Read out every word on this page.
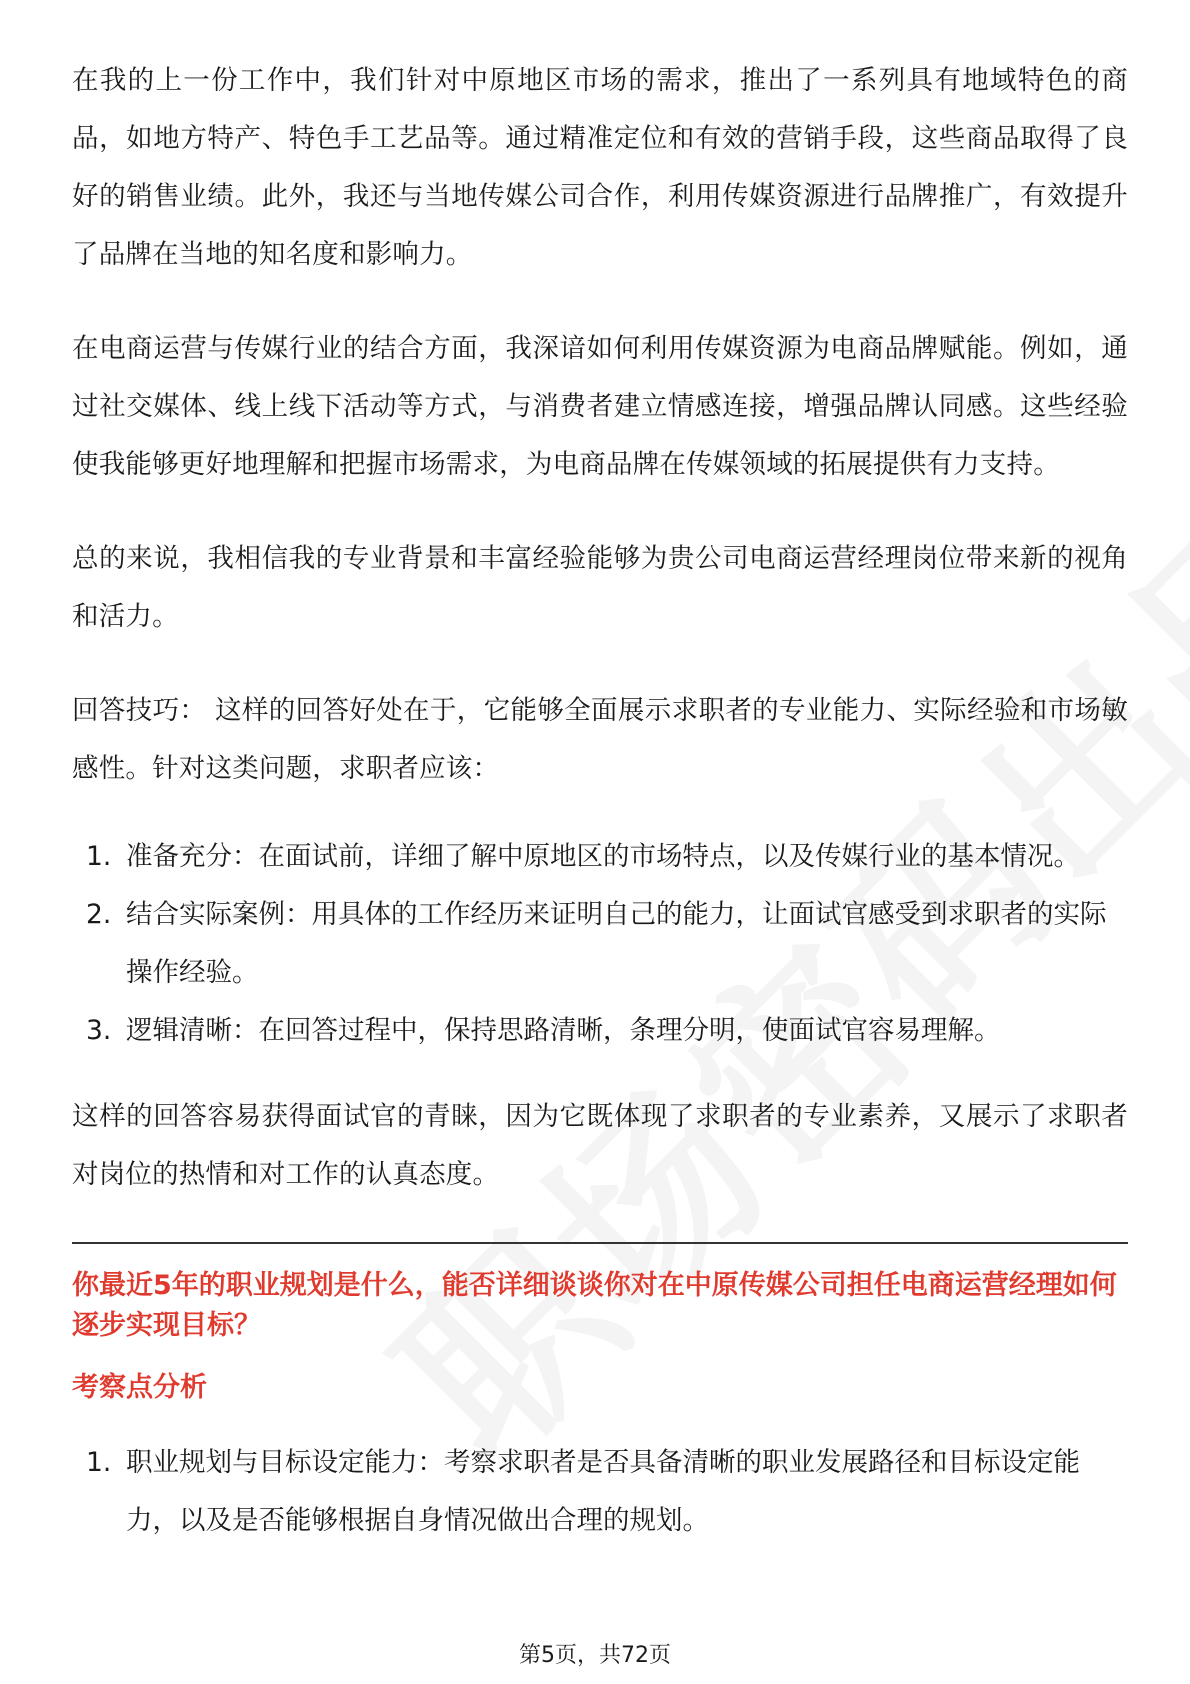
在我的上一份工作中，我们针对中原地区市场的需求，推出了一系列具有地域特色的商品，如地方特产、特色手工艺品等。通过精准定位和有效的营销手段，这些商品取得了良好的销售业绩。此外，我还与当地传媒公司合作，利用传媒资源进行品牌推广，有效提升了品牌在当地的知名度和影响力。

在电商运营与传媒行业的结合方面，我深谙如何利用传媒资源为电商品牌赋能。例如，通过社交媒体、线上线下活动等方式，与消费者建立情感连接，增强品牌认同感。这些经验使我能够更好地理解和把握市场需求，为电商品牌在传媒领域的拓展提供有力支持。

总的来说，我相信我的专业背景和丰富经验能够为贵公司电商运营经理岗位带来新的视角和活力。

回答技巧： 这样的回答好处在于，它能够全面展示求职者的专业能力、实际经验和市场敏感性。针对这类问题，求职者应该：

1. 准备充分：在面试前，详细了解中原地区的市场特点，以及传媒行业的基本情况。
2. 结合实际案例：用具体的工作经历来证明自己的能力，让面试官感受到求职者的实际操作经验。
3. 逻辑清晰：在回答过程中，保持思路清晰，条理分明，使面试官容易理解。

这样的回答容易获得面试官的青睐，因为它既体现了求职者的专业素养，又展示了求职者对岗位的热情和对工作的认真态度。

你最近5年的职业规划是什么，能否详细谈谈你对在中原传媒公司担任电商运营经理如何逐步实现目标？
考察点分析
1. 职业规划与目标设定能力：考察求职者是否具备清晰的职业发展路径和目标设定能力，以及是否能够根据自身情况做出合理的规划。
第5页，共72页
